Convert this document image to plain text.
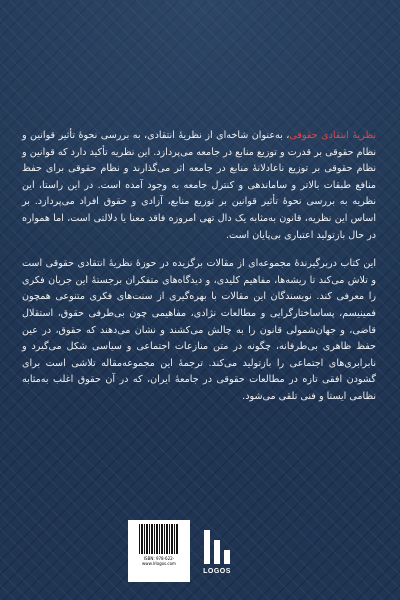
نظریهٔ انتقادی حقوقی، به‌عنوان شاخه‌ای از نظریهٔ انتقادی، به بررسی نحوهٔ تأثیر قوانین و نظام حقوقی بر قدرت و توزیع منابع در جامعه می‌پردازد. این نظریه تأکید دارد که قوانین و نظام حقوقی بر توزیع ناعادلانهٔ منابع در جامعه اثر می‌گذارند و نظام حقوقی برای حفظ منافع طبقات بالاتر و ساماندهی و کنترل جامعه به وجود آمده است. در این راستا، این نظریه به بررسی نحوهٔ تأثیر قوانین بر توزیع منابع، آزادی و حقوق افراد می‌پردازد. بر اساس این نظریه، قانون به‌مثابه یک دال تهی امروزه فاقد معنا یا دلالتی است، اما همواره در حال بازتولید اعتباری بی‌پایان است.

این کتاب دربرگیرندهٔ مجموعه‌ای از مقالات برگزیده در حوزهٔ نظریهٔ انتقادی حقوقی است و تلاش می‌کند تا ریشه‌ها، مفاهیم کلیدی، و دیدگاه‌های متفکران برجستهٔ این جریان فکری را معرفی کند. نویسندگان این مقالات با بهره‌گیری از سنت‌های فکری متنوعی همچون فمینیسم، پساساختارگرایی و مطالعات نژادی، مفاهیمی چون بی‌طرفی حقوق، استقلال قاضی، و جهان‌شمولی قانون را به چالش می‌کشند و نشان می‌دهند که حقوق، در عین حفظ ظاهری بی‌طرفانه، چگونه در متن منازعات اجتماعی و سیاسی شکل می‌گیرد و نابرابری‌های اجتماعی را بازتولید می‌کند. ترجمهٔ این مجموعه‌مقاله تلاشی است برای گشودن افقی تازه در مطالعات حقوقی در جامعهٔ ایران، که در آن حقوق اغلب به‌مثابه نظامی ایستا و فنی تلقی می‌شود.

ISBN: 978-622-
www.lrlogos.com
LOGOS
